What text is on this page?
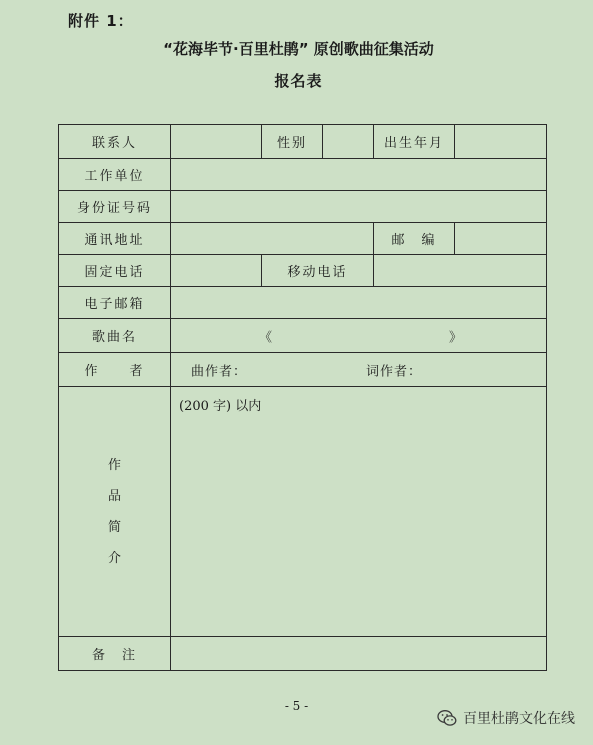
附件 1：
“花海毕节·百里杜鹃” 原创歌曲征集活动
报名表
联系人		性别		出生年月	
工作单位					
身份证号码					
通讯地址				邮　编	
固定电话		移动电话			
电子邮箱					
歌曲名	《 》				

作　　者	曲作者： 词作者：				

作
品
简
介	(200 字) 以内				
备　注					
- 5 -
百里杜鹃文化在线
